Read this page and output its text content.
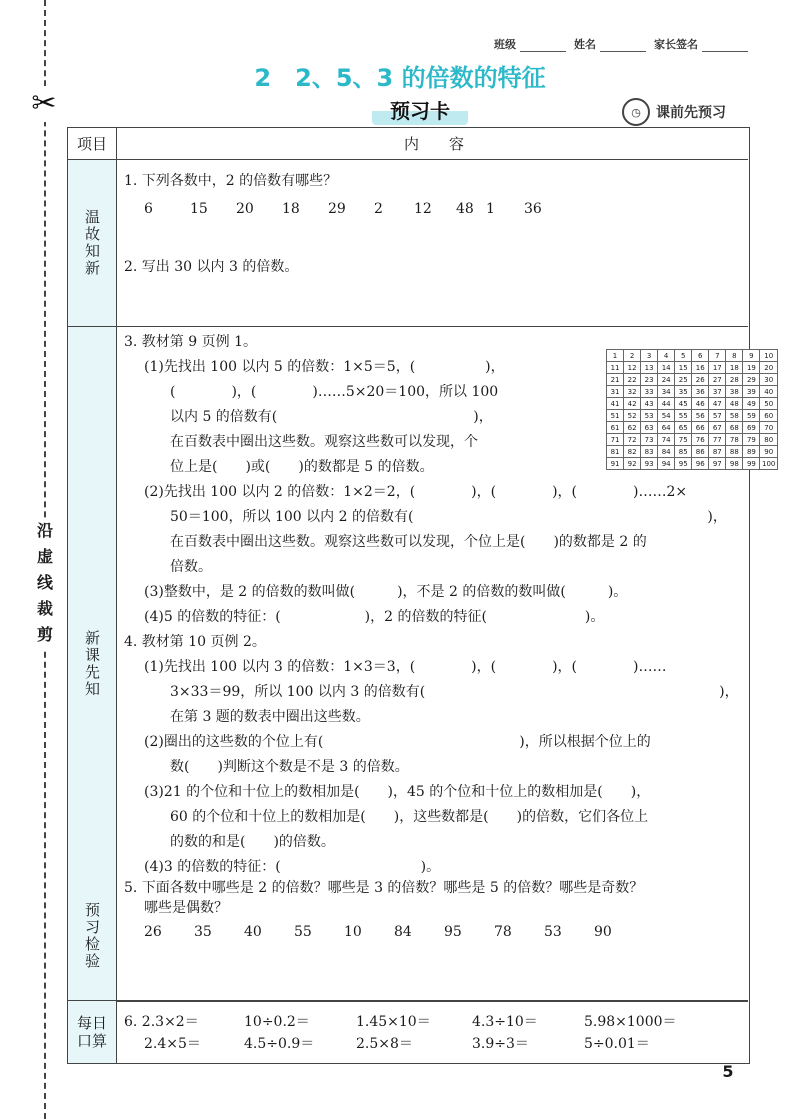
✂
沿虚线裁剪
班级	姓名	家长签名
2　2、5、3 的倍数的特征
预习卡	◷	课前先预习
项目	内　　容
温故知新
1. 下列各数中，2 的倍数有哪些？
6	15	20	18	29	2	12	48 1	36
2. 写出 30 以内 3 的倍数。
新课先知
3. 教材第 9 页例 1。
(1)先找出 100 以内 5 的倍数：1×5＝5，(　　　　　)，
(　　　　)，(　　　　)……5×20＝100，所以 100
以内 5 的倍数有(　　　　　　　　　　　　　　)，
在百数表中圈出这些数。观察这些数可以发现，个
位上是(　　)或(　　)的数都是 5 的倍数。
(2)先找出 100 以内 2 的倍数：1×2＝2，(　　　　)，(　　　　)，(　　　　)……2×
50＝100，所以 100 以内 2 的倍数有(　　　　　　　　　　　　　　　　　　　　　)，
在百数表中圈出这些数。观察这些数可以发现，个位上是(　　)的数都是 2 的
倍数。
(3)整数中，是 2 的倍数的数叫做(　　　)，不是 2 的倍数的数叫做(　　　)。
(4)5 的倍数的特征：(　　　　　　)，2 的倍数的特征(　　　　　　　)。
4. 教材第 10 页例 2。
(1)先找出 100 以内 3 的倍数：1×3＝3，(　　　　)，(　　　　)，(　　　　)……
3×33＝99，所以 100 以内 3 的倍数有(　　　　　　　　　　　　　　　　　　　　　)，
在第 3 题的数表中圈出这些数。
(2)圈出的这些数的个位上有(　　　　　　　　　　　　　　)，所以根据个位上的
数(　　)判断这个数是不是 3 的倍数。
(3)21 的个位和十位上的数相加是(　　)，45 的个位和十位上的数相加是(　　)，
60 的个位和十位上的数相加是(　　)，这些数都是(　　)的倍数，它们各位上
的数的和是(　　)的倍数。
(4)3 的倍数的特征：(　　　　　　　　　　)。
1	2	3	4	5	6	7	8	9	10
11	12	13	14	15	16	17	18	19	20
21	22	23	24	25	26	27	28	29	30
31	32	33	34	35	36	37	38	39	40
41	42	43	44	45	46	47	48	49	50
51	52	53	54	55	56	57	58	59	60
61	62	63	64	65	66	67	68	69	70
71	72	73	74	75	76	77	78	79	80
81	82	83	84	85	86	87	88	89	90
91	92	93	94	95	96	97	98	99	100
预习检验
5. 下面各数中哪些是 2 的倍数？哪些是 3 的倍数？哪些是 5 的倍数？哪些是奇数？
哪些是偶数？
26	35	40	55	10	84	95	78	53	90
每日口算
6. 2.3×2＝	10÷0.2＝	1.45×10＝	4.3÷10＝	5.98×1000＝
2.4×5＝	4.5÷0.9＝	2.5×8＝	3.9÷3＝	5÷0.01＝
5
